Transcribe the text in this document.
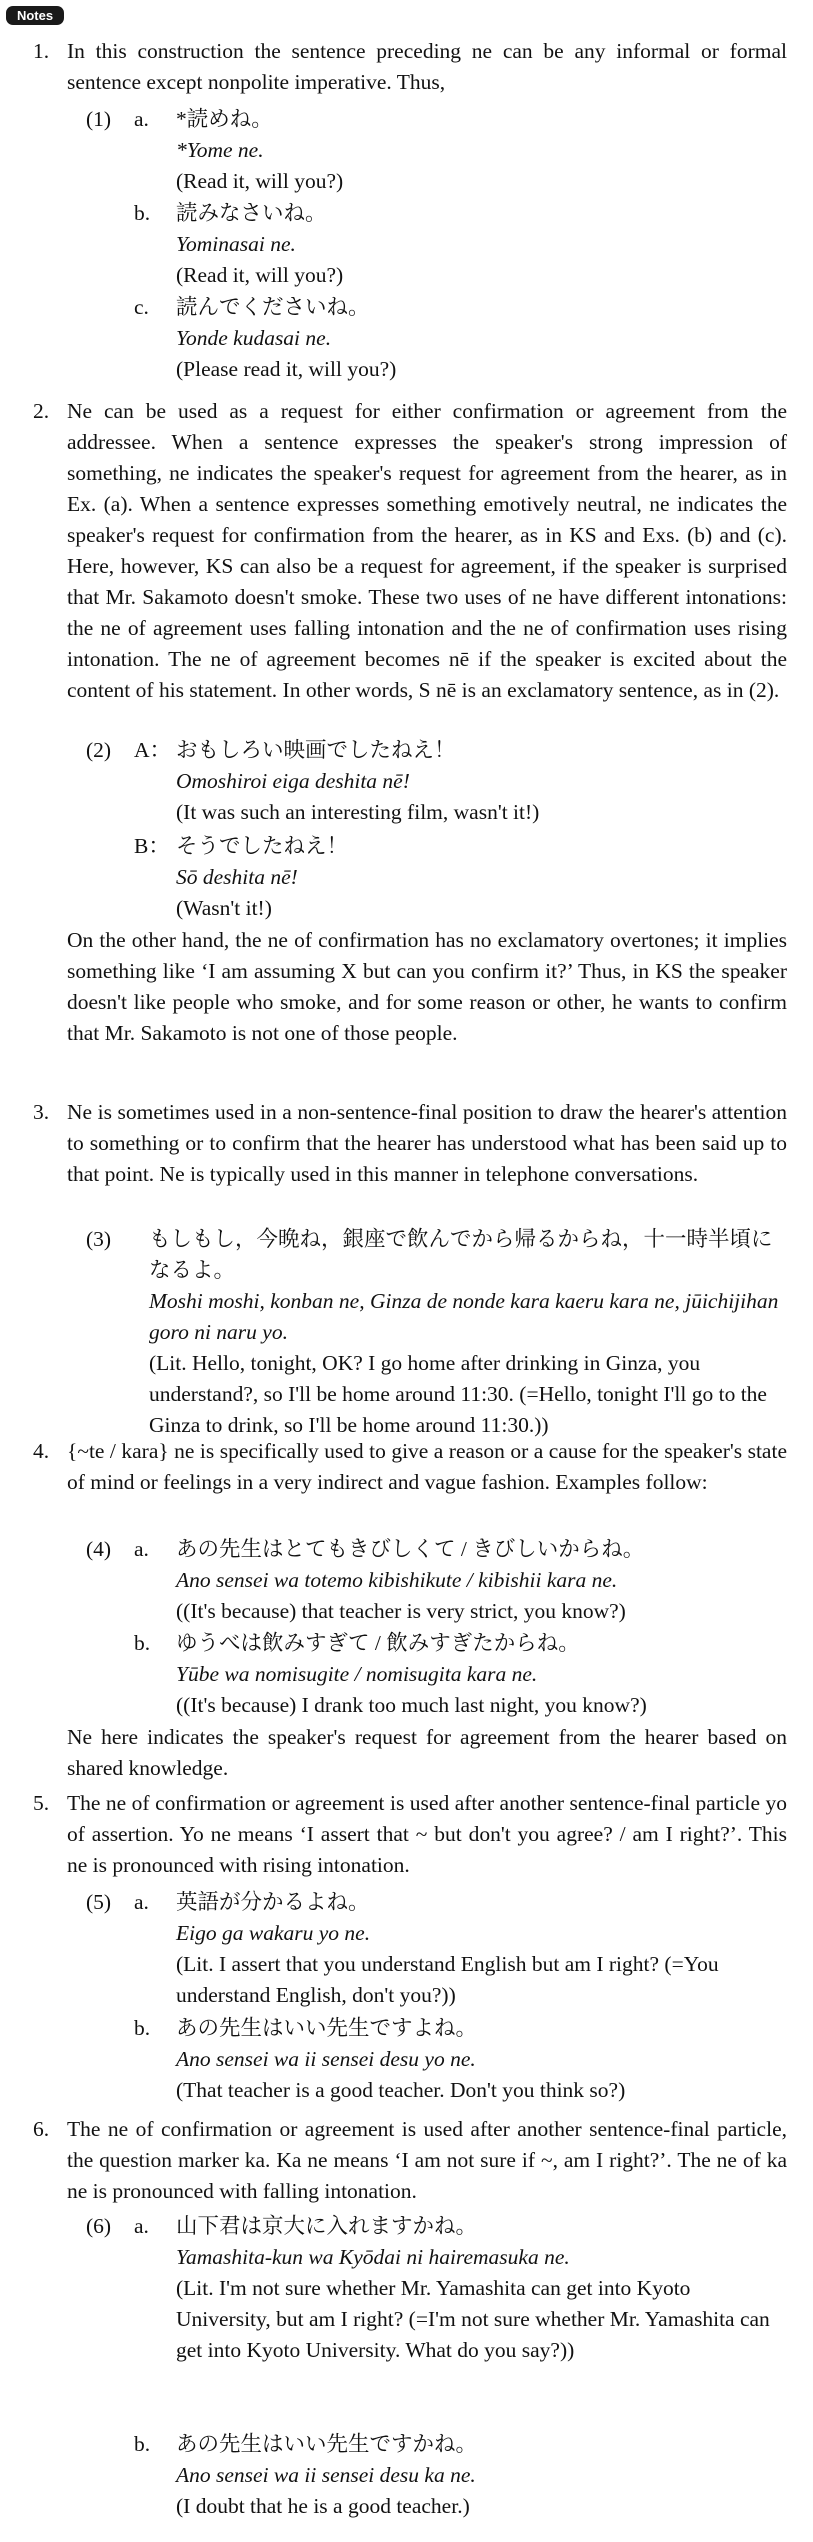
Notes
1. In this construction the sentence preceding ne can be any informal or formal sentence except nonpolite imperative. Thus,
(1) a. *読めね。
*Yome ne.
(Read it, will you?)
b. 読みなさいね。
Yominasai ne.
(Read it, will you?)
c. 読んでくださいね。
Yonde kudasai ne.
(Please read it, will you?)
2. Ne can be used as a request for either confirmation or agreement from the addressee. When a sentence expresses the speaker's strong impression of something, ne indicates the speaker's request for agreement from the hearer, as in Ex. (a). When a sentence expresses something emotively neutral, ne indicates the speaker's request for confirmation from the hearer, as in KS and Exs. (b) and (c). Here, however, KS can also be a request for agreement, if the speaker is surprised that Mr. Sakamoto doesn't smoke. These two uses of ne have different intonations: the ne of agreement uses falling intonation and the ne of confirmation uses rising intonation. The ne of agreement becomes nē if the speaker is excited about the content of his statement. In other words, S nē is an exclamatory sentence, as in (2).
(2) A： おもしろい映画でしたねえ！
Omoshiroi eiga deshita nē!
(It was such an interesting film, wasn't it!)
B： そうでしたねえ！
Sō deshita nē!
(Wasn't it!)
On the other hand, the ne of confirmation has no exclamatory overtones; it implies something like ‘I am assuming X but can you confirm it?’ Thus, in KS the speaker doesn't like people who smoke, and for some reason or other, he wants to confirm that Mr. Sakamoto is not one of those people.
3. Ne is sometimes used in a non-sentence-final position to draw the hearer's attention to something or to confirm that the hearer has understood what has been said up to that point. Ne is typically used in this manner in telephone conversations.
(3) もしもし，今晩ね，銀座で飲んでから帰るからね，十一時半頃になるよ。
Moshi moshi, konban ne, Ginza de nonde kara kaeru kara ne, jūichijihan goro ni naru yo.
(Lit. Hello, tonight, OK? I go home after drinking in Ginza, you understand?, so I'll be home around 11:30. (=Hello, tonight I'll go to the Ginza to drink, so I'll be home around 11:30.))
4. {~te / kara} ne is specifically used to give a reason or a cause for the speaker's state of mind or feelings in a very indirect and vague fashion. Examples follow:
(4) a. あの先生はとてもきびしくて / きびしいからね。
Ano sensei wa totemo kibishikute / kibishii kara ne.
((It's because) that teacher is very strict, you know?)
b. ゆうべは飲みすぎて / 飲みすぎたからね。
Yūbe wa nomisugite / nomisugita kara ne.
((It's because) I drank too much last night, you know?)
Ne here indicates the speaker's request for agreement from the hearer based on shared knowledge.
5. The ne of confirmation or agreement is used after another sentence-final particle yo of assertion. Yo ne means ‘I assert that ~ but don't you agree? / am I right?’. This ne is pronounced with rising intonation.
(5) a. 英語が分かるよね。
Eigo ga wakaru yo ne.
(Lit. I assert that you understand English but am I right? (=You understand English, don't you?))
b. あの先生はいい先生ですよね。
Ano sensei wa ii sensei desu yo ne.
(That teacher is a good teacher. Don't you think so?)
6. The ne of confirmation or agreement is used after another sentence-final particle, the question marker ka. Ka ne means ‘I am not sure if ~, am I right?’. The ne of ka ne is pronounced with falling intonation.
(6) a. 山下君は京大に入れますかね。
Yamashita-kun wa Kyōdai ni hairemasuka ne.
(Lit. I'm not sure whether Mr. Yamashita can get into Kyoto University, but am I right? (=I'm not sure whether Mr. Yamashita can get into Kyoto University. What do you say?))
b. あの先生はいい先生ですかね。
Ano sensei wa ii sensei desu ka ne.
(I doubt that he is a good teacher.)
